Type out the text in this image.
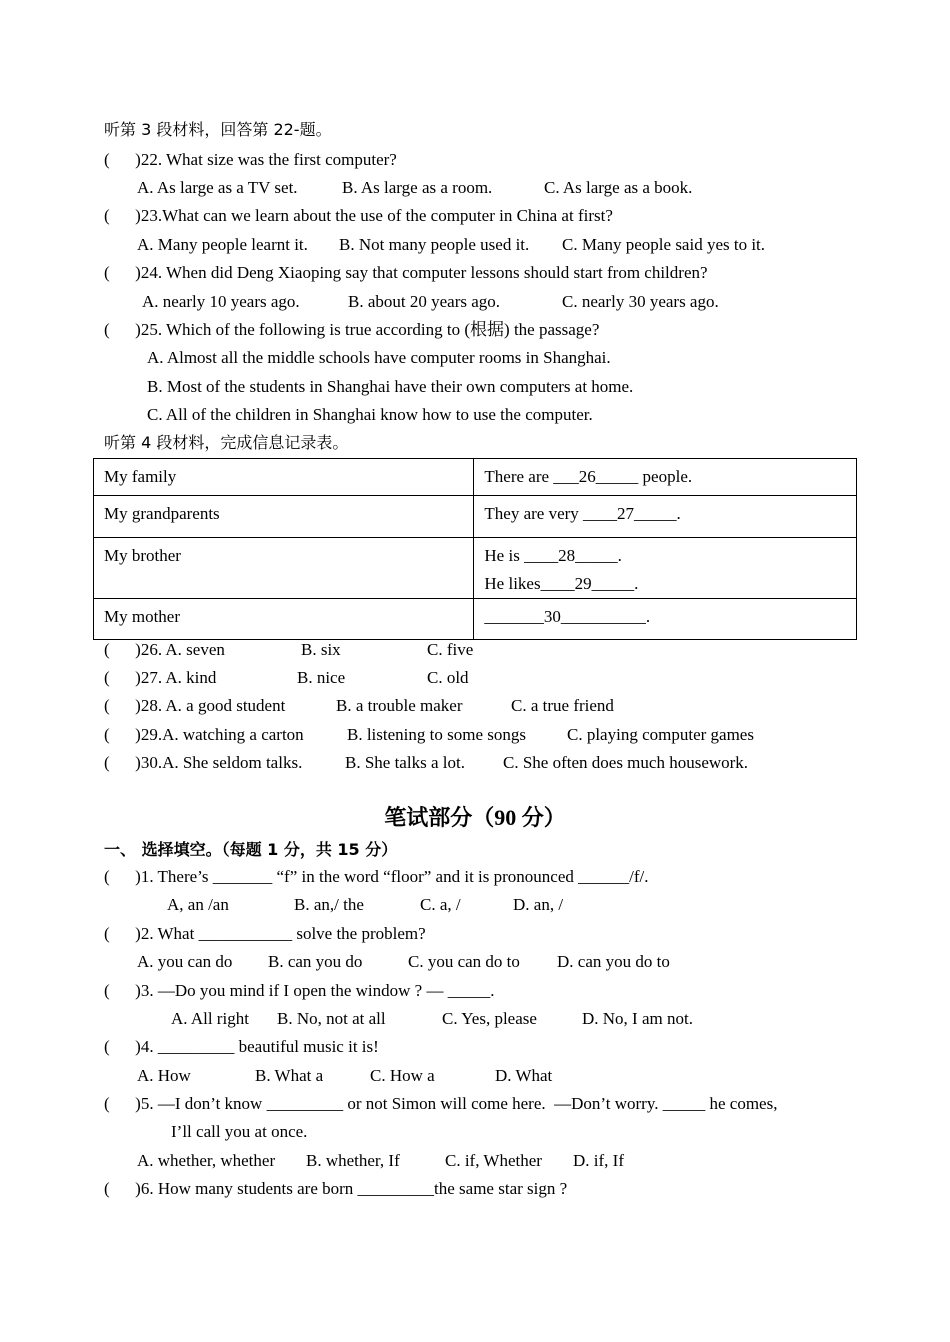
听第 3 段材料，回答第 22-题。
(      )22. What size was the first computer?
A. As large as a TV set.	B. As large as a room.	C. As large as a book.
(      )23.What can we learn about the use of the computer in China at first?
A. Many people learnt it. B. Not many people used it. C. Many people said yes to it.
(      )24. When did Deng Xiaoping say that computer lessons should start from children?
A. nearly 10 years ago.	B. about 20 years ago.	C. nearly 30 years ago.
(      )25. Which of the following is true according to (根据) the passage?
A. Almost all the middle schools have computer rooms in Shanghai.
B. Most of the students in Shanghai have their own computers at home.
C. All of the children in Shanghai know how to use the computer.
听第 4 段材料，完成信息记录表。
My family	There are ___26_____ people.
My grandparents	They are very ____27_____.
My brother	He is ____28_____.
He likes____29_____.

My mother	_______30__________.
(      )26. A. seven	B. six	C. five
(      )27. A. kind	B. nice	C. old
(      )28. A. a good student	B. a trouble maker	C. a true friend
(      )29.A. watching a carton	B. listening to some songs C. playing computer games
(      )30.A. She seldom talks.	B. She talks a lot. C. She often does much housework.
笔试部分（90 分）
一、 选择填空。（每题 1 分，共 15 分）
(      )1. There’s _______ “f” in the word “floor” and it is pronounced ______/f/.
A, an /an	B. an,/ the	C. a, /	D. an, /
(      )2. What ___________ solve the problem?
A. you can do B. can you do	C. you can do to D. can you do to
(      )3. —Do you mind if I open the window ? — _____.
A. All right B. No, not at all	C. Yes, please	D. No, I am not.
(      )4. _________ beautiful music it is!
A. How	B. What a	C. How a	D. What
(      )5. —I don’t know _________ or not Simon will come here.  —Don’t worry. _____ he comes,
I’ll call you at once.
A. whether, whether B. whether, If	C. if, Whether D. if, If
(      )6. How many students are born _________the same star sign ?
